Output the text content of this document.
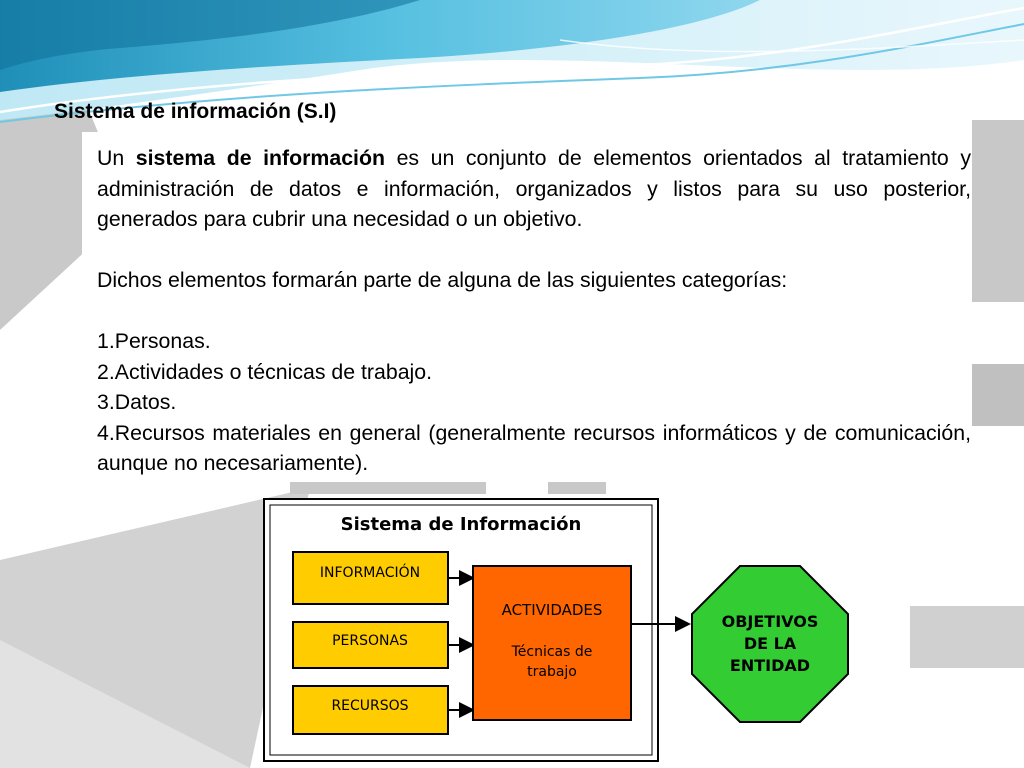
Sistema de información (S.I)

Un sistema de información es un conjunto de elementos orientados al tratamiento y administración de datos e información, organizados y listos para su uso posterior, generados para cubrir una necesidad o un objetivo.

Dichos elementos formarán parte de alguna de las siguientes categorías:

1.Personas.

2.Actividades o técnicas de trabajo.

3.Datos.

4.Recursos materiales en general (generalmente recursos informáticos y de comunicación, aunque no necesariamente).

Sistema de Información
INFORMACIÓN
PERSONAS
RECURSOS
ACTIVIDADES
Técnicas de
trabajo
OBJETIVOS
DE LA
ENTIDAD
